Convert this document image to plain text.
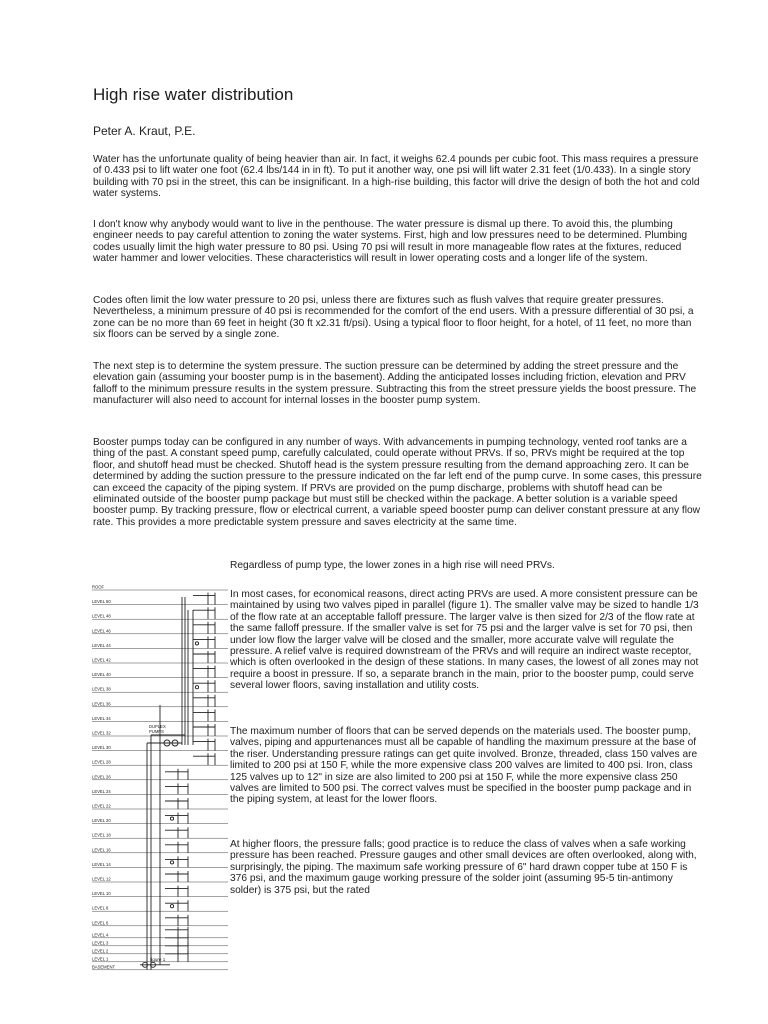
High rise water distribution

Peter A. Kraut, P.E.

Water has the unfortunate quality of being heavier than air. In fact, it weighs 62.4 pounds per cubic foot. This mass requires a pressure of 0.433 psi to lift water one foot (62.4 lbs/144 in in ft). To put it another way, one psi will lift water 2.31 feet (1/0.433). In a single story building with 70 psi in the street, this can be insignificant. In a high-rise building, this factor will drive the design of both the hot and cold water systems.

I don't know why anybody would want to live in the penthouse. The water pressure is dismal up there. To avoid this, the plumbing engineer needs to pay careful attention to zoning the water systems. First, high and low pressures need to be determined. Plumbing codes usually limit the high water pressure to 80 psi. Using 70 psi will result in more manageable flow rates at the fixtures, reduced water hammer and lower velocities. These characteristics will result in lower operating costs and a longer life of the system.

Codes often limit the low water pressure to 20 psi, unless there are fixtures such as flush valves that require greater pressures. Nevertheless, a minimum pressure of 40 psi is recommended for the comfort of the end users. With a pressure differential of 30 psi, a zone can be no more than 69 feet in height (30 ft x2.31 ft/psi). Using a typical floor to floor height, for a hotel, of 11 feet, no more than six floors can be served by a single zone.

The next step is to determine the system pressure. The suction pressure can be determined by adding the street pressure and the elevation gain (assuming your booster pump is in the basement). Adding the anticipated losses including friction, elevation and PRV falloff to the minimum pressure results in the system pressure. Subtracting this from the street pressure yields the boost pressure. The manufacturer will also need to account for internal losses in the booster pump system.

Booster pumps today can be configured in any number of ways. With advancements in pumping technology, vented roof tanks are a thing of the past. A constant speed pump, carefully calculated, could operate without PRVs. If so, PRVs might be required at the top floor, and shutoff head must be checked. Shutoff head is the system pressure resulting from the demand approaching zero. It can be determined by adding the suction pressure to the pressure indicated on the far left end of the pump curve. In some cases, this pressure can exceed the capacity of the piping system. If PRVs are provided on the pump discharge, problems with shutoff head can be eliminated outside of the booster pump package but must still be checked within the package. A better solution is a variable speed booster pump. By tracking pressure, flow or electrical current, a variable speed booster pump can deliver constant pressure at any flow rate. This provides a more predictable system pressure and saves electricity at the same time.

Regardless of pump type, the lower zones in a high rise will need PRVs.

In most cases, for economical reasons, direct acting PRVs are used. A more consistent pressure can be maintained by using two valves piped in parallel (figure 1). The smaller valve may be sized to handle 1/3 of the flow rate at an acceptable falloff pressure. The larger valve is then sized for 2/3 of the flow rate at the same falloff pressure. If the smaller valve is set for 75 psi and the larger valve is set for 70 psi, then under low flow the larger valve will be closed and the smaller, more accurate valve will regulate the pressure. A relief valve is required downstream of the PRVs and will require an indirect waste receptor, which is often overlooked in the design of these stations. In many cases, the lowest of all zones may not require a boost in pressure. If so, a separate branch in the main, prior to the booster pump, could serve several lower floors, saving installation and utility costs.

The maximum number of floors that can be served depends on the materials used. The booster pump, valves, piping and appurtenances must all be capable of handling the maximum pressure at the base of the riser. Understanding pressure ratings can get quite involved. Bronze, threaded, class 150 valves are limited to 200 psi at 150 F, while the more expensive class 200 valves are limited to 400 psi. Iron, class 125 valves up to 12" in size are also limited to 200 psi at 150 F, while the more expensive class 250 valves are limited to 500 psi. The correct valves must be specified in the booster pump package and in the piping system, at least for the lower floors.

At higher floors, the pressure falls; good practice is to reduce the class of valves when a safe working pressure has been reached. Pressure gauges and other small devices are often overlooked, along with, surprisingly, the piping. The maximum safe working pressure of 6" hard drawn copper tube at 150 F is 376 psi, and the maximum gauge working pressure of the solder joint (assuming 95-5 tin-antimony solder) is 375 psi, but the rated

ROOF
LEVEL 50
LEVEL 48
LEVEL 46
LEVEL 44
LEVEL 42
LEVEL 40
LEVEL 38
LEVEL 36
LEVEL 34
LEVEL 32
LEVEL 30
LEVEL 28
LEVEL 26
LEVEL 24
LEVEL 22
LEVEL 20
LEVEL 18
LEVEL 16
LEVEL 14
LEVEL 12
LEVEL 10
LEVEL 8
LEVEL 6
LEVEL 4
LEVEL 3
LEVEL 2
LEVEL 1
BASEMENT
DUPLEX
PUMPS
figure 1
